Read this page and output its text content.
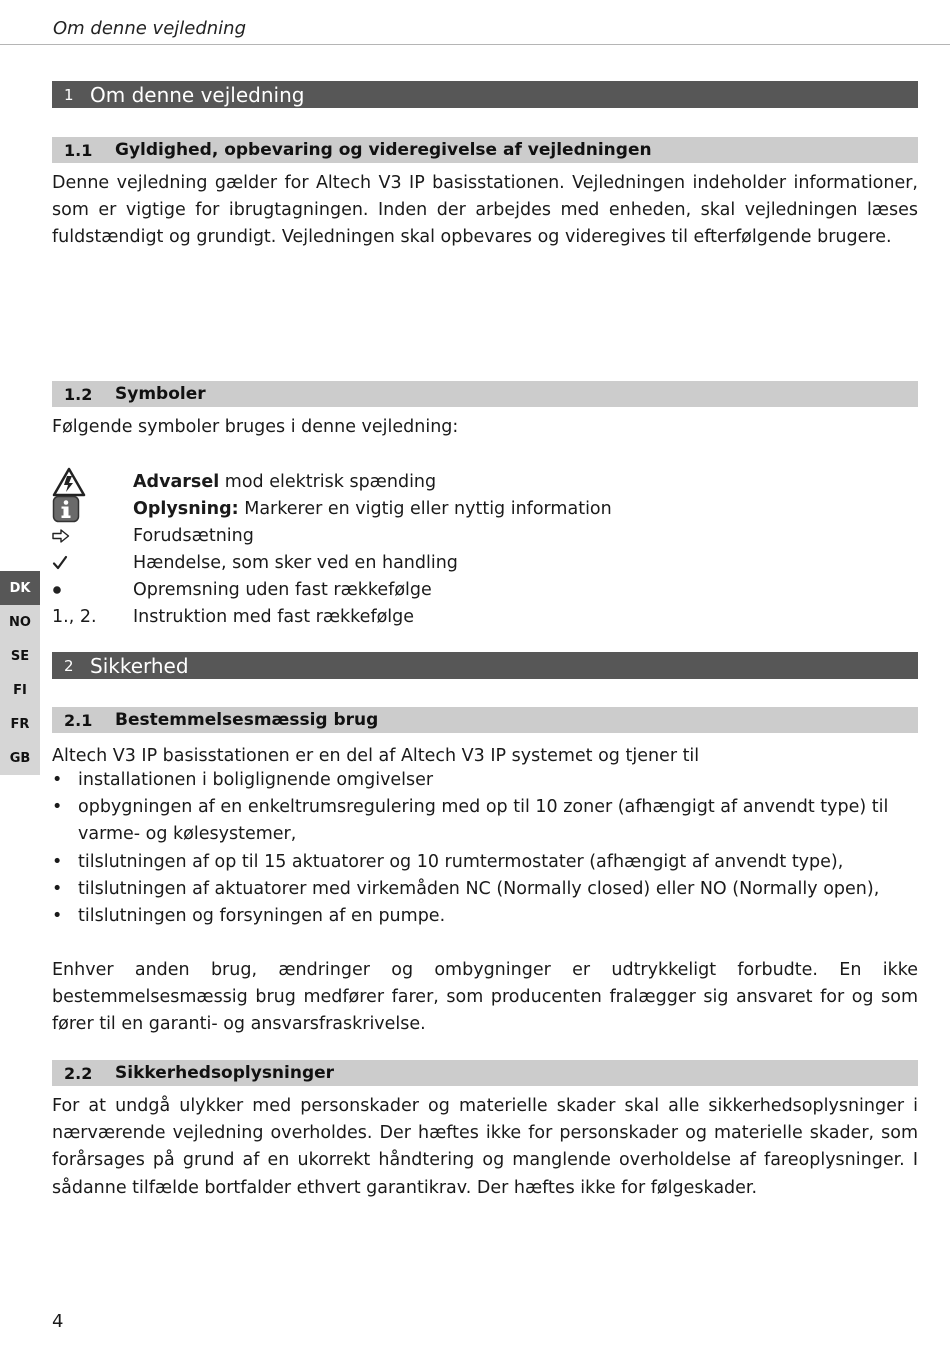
Om denne vejledning
1 Om denne vejledning
1.1	Gyldighed, opbevaring og videregivelse af vejledningen

Denne vejledning gælder for Altech V3 IP basisstationen. Vejledningen indeholder informationer, som er vigtige for ibrugtagningen. Inden der arbejdes med enheden, skal vejledningen læses fuldstændigt og grundigt. Vejledningen skal opbevares og videregives til efterfølgende brugere.

1.2	Symboler

Følgende symboler bruges i denne vejledning:

Advarsel mod elektrisk spænding
Oplysning: Markerer en vigtig eller nyttig information
Forudsætning
Hændelse, som sker ved en handling
Opremsning uden fast rækkefølge
1., 2.	Instruktion med fast rækkefølge
2 Sikkerhed
2.1	Bestemmelsesmæssig brug

Altech V3 IP basisstationen er en del af Altech V3 IP systemet og tjener til

• installationen i boliglignende omgivelser
• opbygningen af en enkeltrumsregulering med op til 10 zoner (afhængigt af anvendt type) til varme- og kølesystemer,
• tilslutningen af op til 15 aktuatorer og 10 rumtermostater (afhængigt af anvendt type),
• tilslutningen af aktuatorer med virkemåden NC (Normally closed) eller NO (Normally open),
• tilslutningen og forsyningen af en pumpe.

Enhver anden brug, ændringer og ombygninger er udtrykkeligt forbudte. En ikke bestemmelsesmæssig brug medfører farer, som producenten fralægger sig ansvaret for og som fører til en garanti- og ansvarsfraskrivelse.

2.2	Sikkerhedsoplysninger

For at undgå ulykker med personskader og materielle skader skal alle sikkerhedsoplysninger i nærværende vejledning overholdes. Der hæftes ikke for personskader og materielle skader, som forårsages på grund af en ukorrekt håndtering og manglende overholdelse af fareoplysninger. I sådanne tilfælde bortfalder ethvert garantikrav. Der hæftes ikke for følgeskader.

DK
NO
SE
FI
FR
GB
4
